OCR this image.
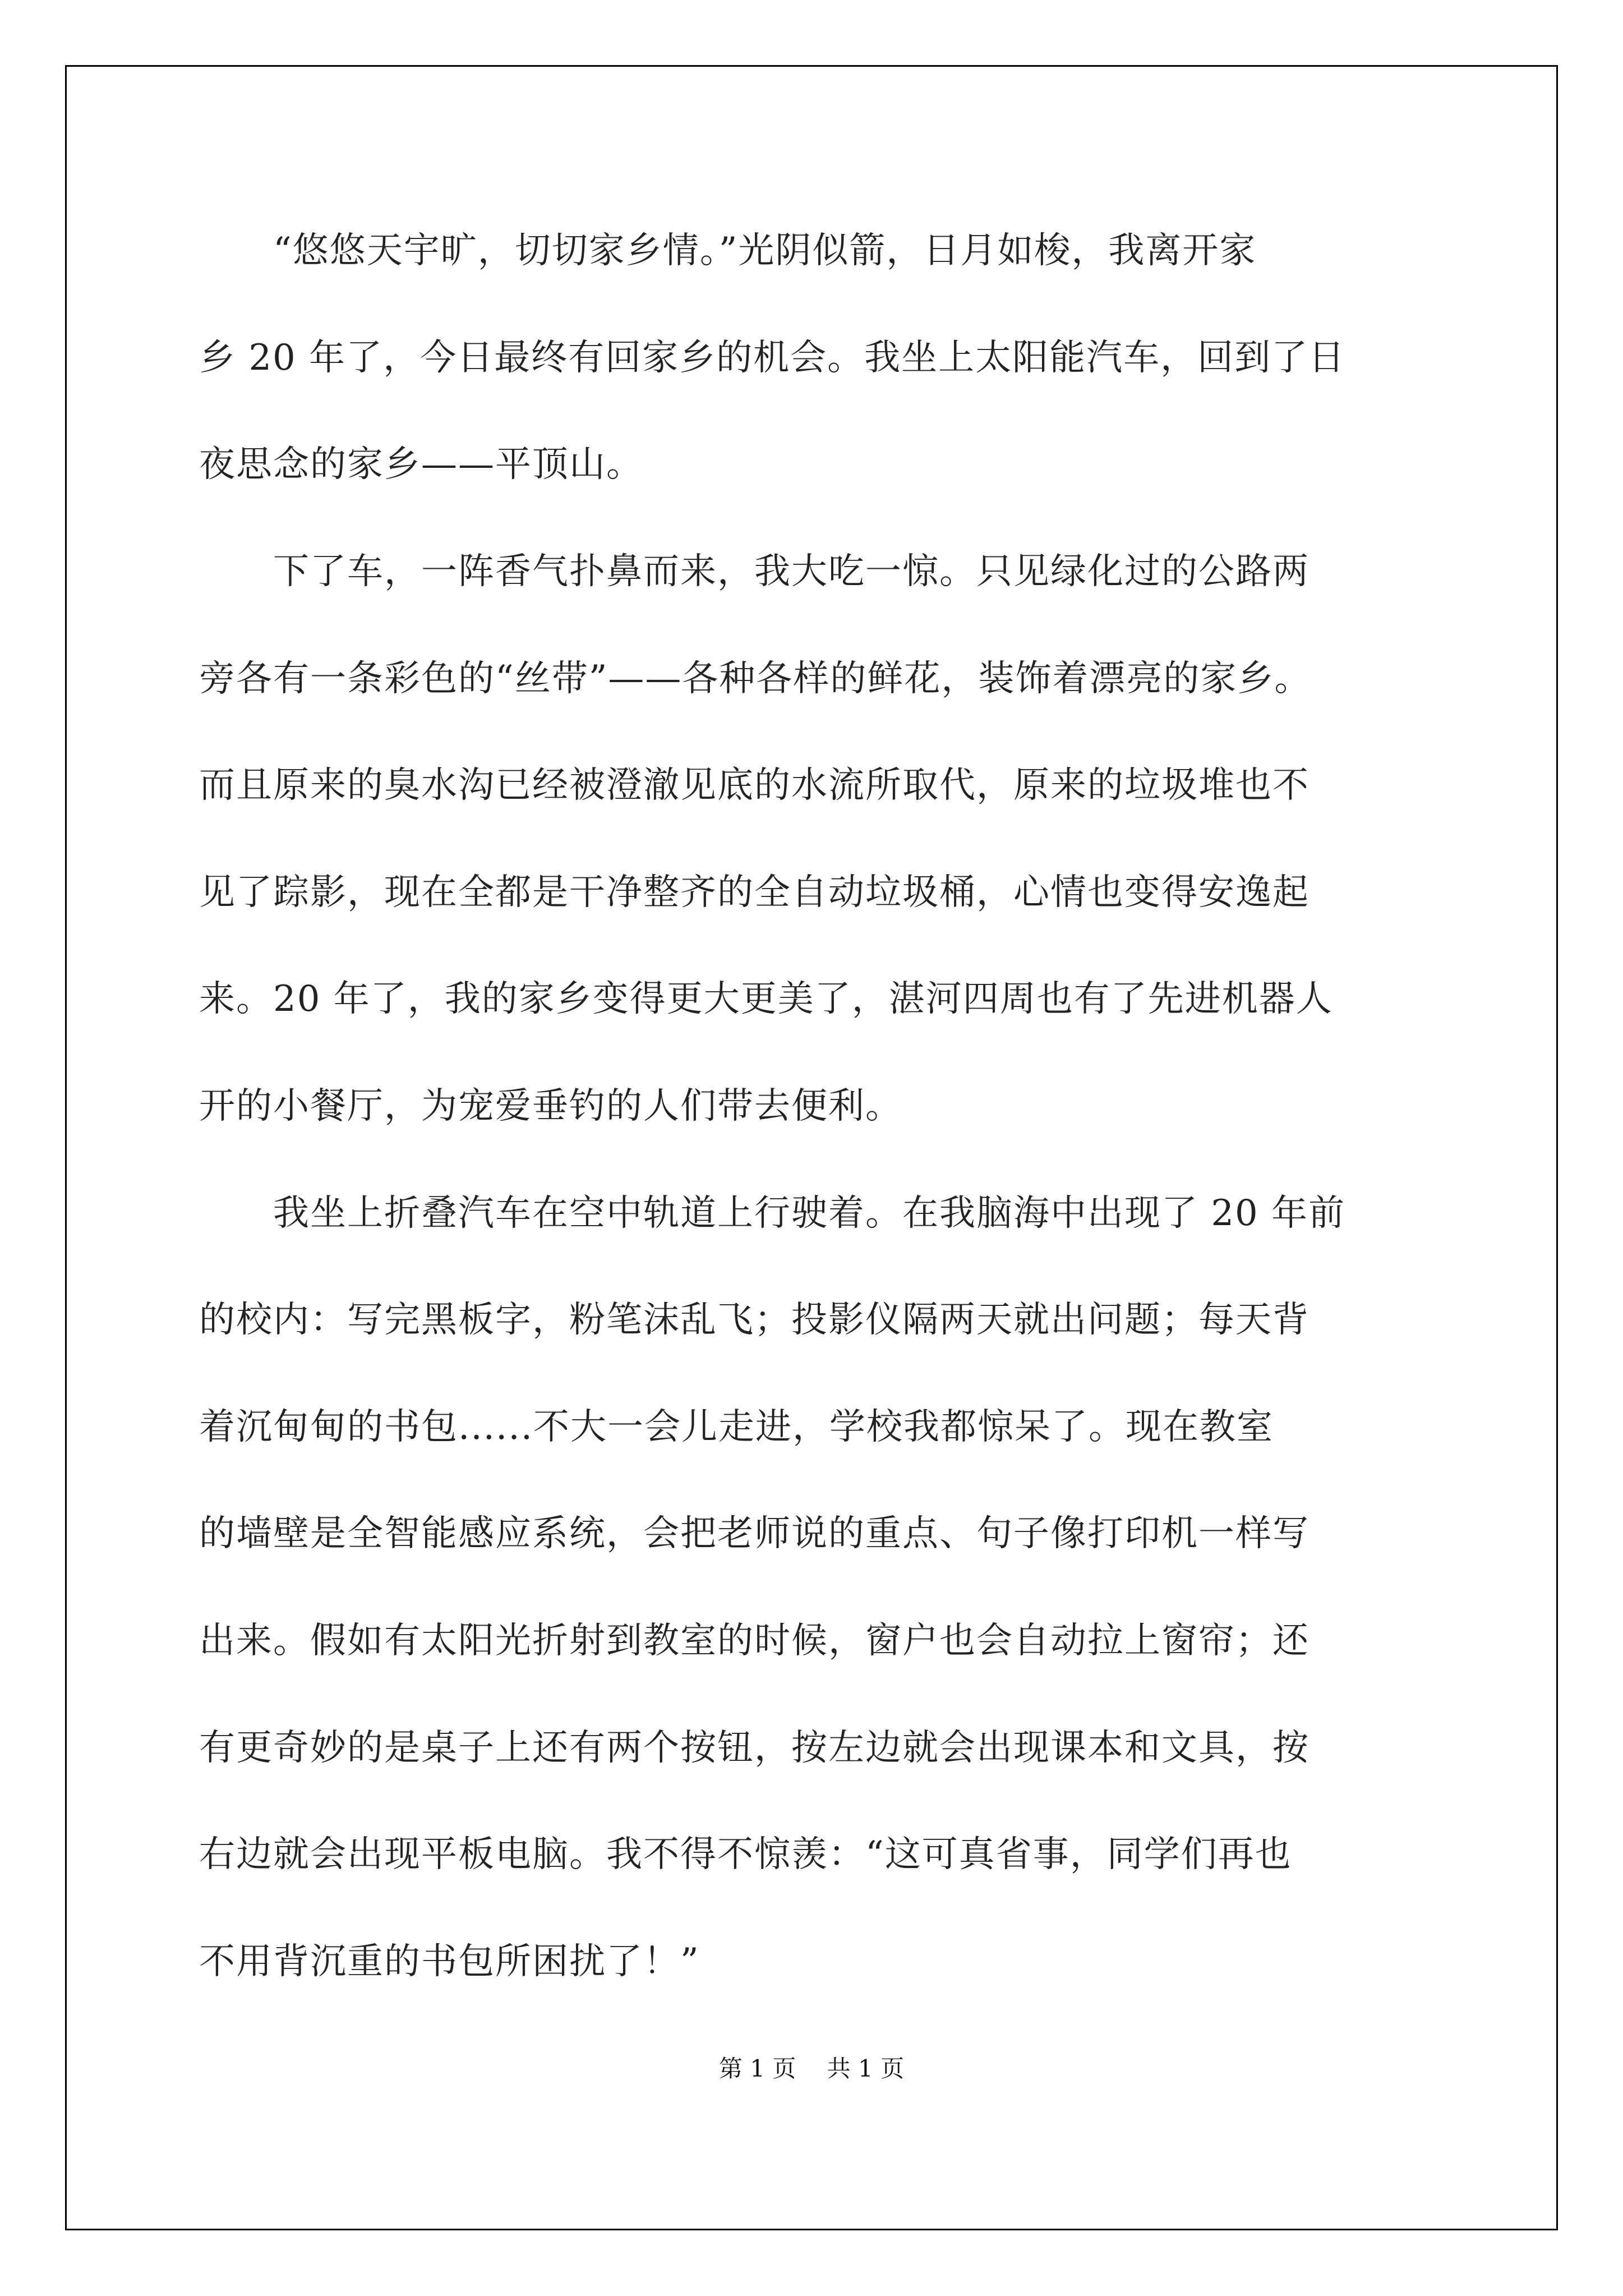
　　“悠悠天宇旷，切切家乡情。”光阴似箭，日月如梭，我离开家
乡 20 年了，今日最终有回家乡的机会。我坐上太阳能汽车，回到了日
夜思念的家乡——平顶山。
　　下了车，一阵香气扑鼻而来，我大吃一惊。只见绿化过的公路两
旁各有一条彩色的“丝带”——各种各样的鲜花，装饰着漂亮的家乡。
而且原来的臭水沟已经被澄澈见底的水流所取代，原来的垃圾堆也不
见了踪影，现在全都是干净整齐的全自动垃圾桶，心情也变得安逸起
来。20 年了，我的家乡变得更大更美了，湛河四周也有了先进机器人
开的小餐厅，为宠爱垂钓的人们带去便利。
　　我坐上折叠汽车在空中轨道上行驶着。在我脑海中出现了 20 年前
的校内：写完黑板字，粉笔沫乱飞；投影仪隔两天就出问题；每天背
着沉甸甸的书包......不大一会儿走进，学校我都惊呆了。现在教室
的墙壁是全智能感应系统，会把老师说的重点、句子像打印机一样写
出来。假如有太阳光折射到教室的时候，窗户也会自动拉上窗帘；还
有更奇妙的是桌子上还有两个按钮，按左边就会出现课本和文具，按
右边就会出现平板电脑。我不得不惊羡：“这可真省事，同学们再也
不用背沉重的书包所困扰了！”
第 1 页　 共 1 页
